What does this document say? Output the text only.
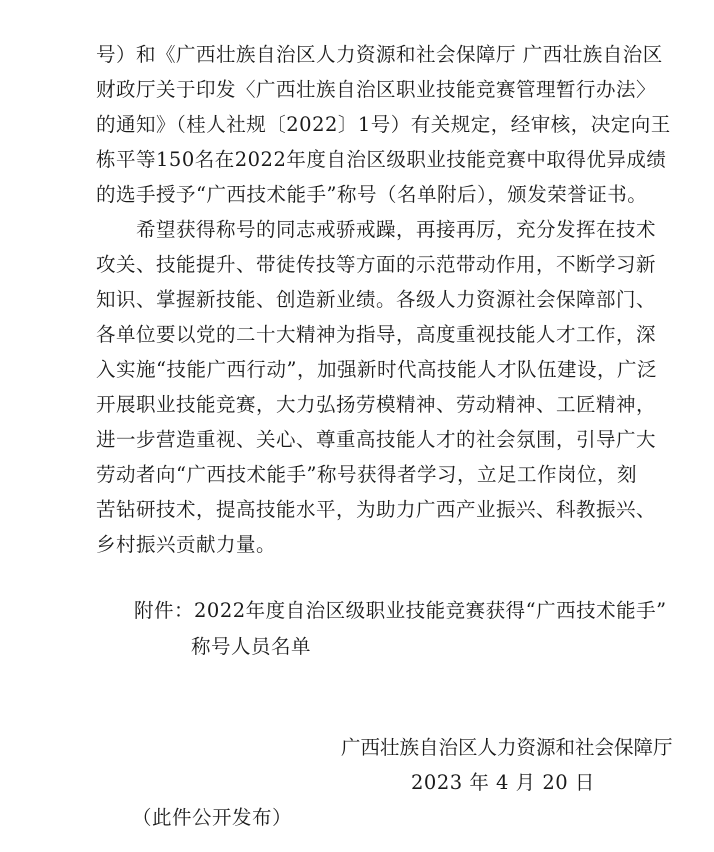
号）和《广西壮族自治区人力资源和社会保障厅 广西壮族自治区
财政厅关于印发〈广西壮族自治区职业技能竞赛管理暂行办法〉
的通知》（桂人社规〔2022〕1号）有关规定，经审核，决定向王
栋平等150名在2022年度自治区级职业技能竞赛中取得优异成绩
的选手授予“广西技术能手”称号（名单附后），颁发荣誉证书。
　　希望获得称号的同志戒骄戒躁，再接再厉，充分发挥在技术
攻关、技能提升、带徒传技等方面的示范带动作用，不断学习新
知识、掌握新技能、创造新业绩。各级人力资源社会保障部门、
各单位要以党的二十大精神为指导，高度重视技能人才工作，深
入实施“技能广西行动”，加强新时代高技能人才队伍建设，广泛
开展职业技能竞赛，大力弘扬劳模精神、劳动精神、工匠精神，
进一步营造重视、关心、尊重高技能人才的社会氛围，引导广大
劳动者向“广西技术能手”称号获得者学习，立足工作岗位，刻
苦钻研技术，提高技能水平，为助力广西产业振兴、科教振兴、
乡村振兴贡献力量。
附件：2022年度自治区级职业技能竞赛获得“广西技术能手”
称号人员名单
广西壮族自治区人力资源和社会保障厅
2023 年 4 月 20 日
（此件公开发布）
